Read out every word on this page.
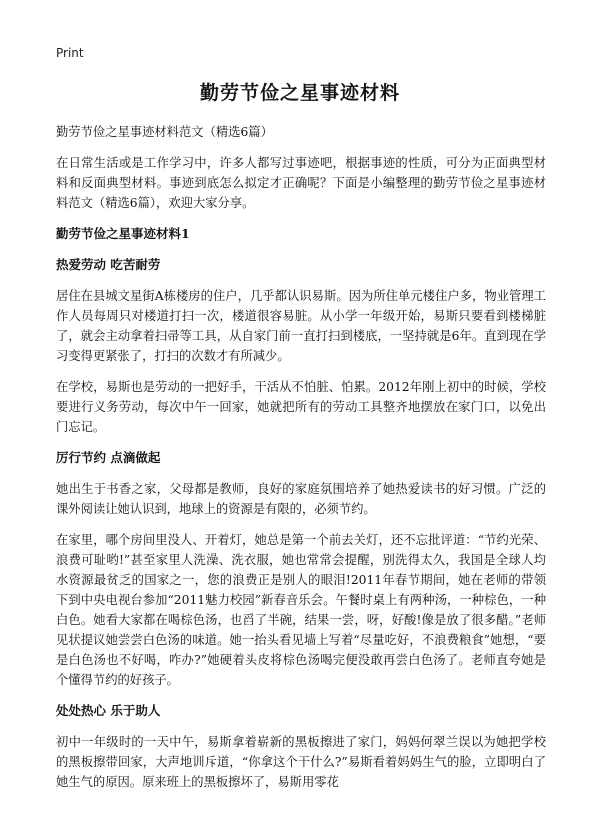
Print
勤劳节俭之星事迹材料

勤劳节俭之星事迹材料范文（精选6篇）

在日常生活或是工作学习中，许多人都写过事迹吧，根据事迹的性质，可分为正面典型材料和反面典型材料。事迹到底怎么拟定才正确呢？下面是小编整理的勤劳节俭之星事迹材料范文（精选6篇），欢迎大家分享。

勤劳节俭之星事迹材料1
热爱劳动 吃苦耐劳

居住在县城文星街A栋楼房的住户，几乎都认识易斯。因为所住单元楼住户多，物业管理工作人员每周只对楼道打扫一次，楼道很容易脏。从小学一年级开始，易斯只要看到楼梯脏了，就会主动拿着扫帚等工具，从自家门前一直打扫到楼底，一坚持就是6年。直到现在学习变得更紧张了，打扫的次数才有所减少。

在学校，易斯也是劳动的一把好手，干活从不怕脏、怕累。2012年刚上初中的时候，学校要进行义务劳动，每次中午一回家，她就把所有的劳动工具整齐地摆放在家门口，以免出门忘记。

厉行节约 点滴做起

她出生于书香之家，父母都是教师，良好的家庭氛围培养了她热爱读书的好习惯。广泛的课外阅读让她认识到，地球上的资源是有限的，必须节约。

在家里，哪个房间里没人、开着灯，她总是第一个前去关灯，还不忘批评道：“节约光荣、浪费可耻哟!”甚至家里人洗澡、洗衣服，她也常常会提醒，别洗得太久，我国是全球人均水资源最贫乏的国家之一，您的浪费正是别人的眼泪!2011年春节期间，她在老师的带领下到中央电视台参加“2011魅力校园”新春音乐会。午餐时桌上有两种汤，一种棕色，一种白色。她看大家都在喝棕色汤，也舀了半碗，结果一尝，呀，好酸!像是放了很多醋。”老师见状提议她尝尝白色汤的味道。她一抬头看见墙上写着“尽量吃好，不浪费粮食”她想，“要是白色汤也不好喝，咋办?”她硬着头皮将棕色汤喝完便没敢再尝白色汤了。老师直夸她是个懂得节约的好孩子。

处处热心 乐于助人

初中一年级时的一天中午，易斯拿着崭新的黑板擦进了家门，妈妈何翠兰误以为她把学校的黑板擦带回家，大声地训斥道，“你拿这个干什么?”易斯看着妈妈生气的脸，立即明白了她生气的原因。原来班上的黑板擦坏了，易斯用零花
